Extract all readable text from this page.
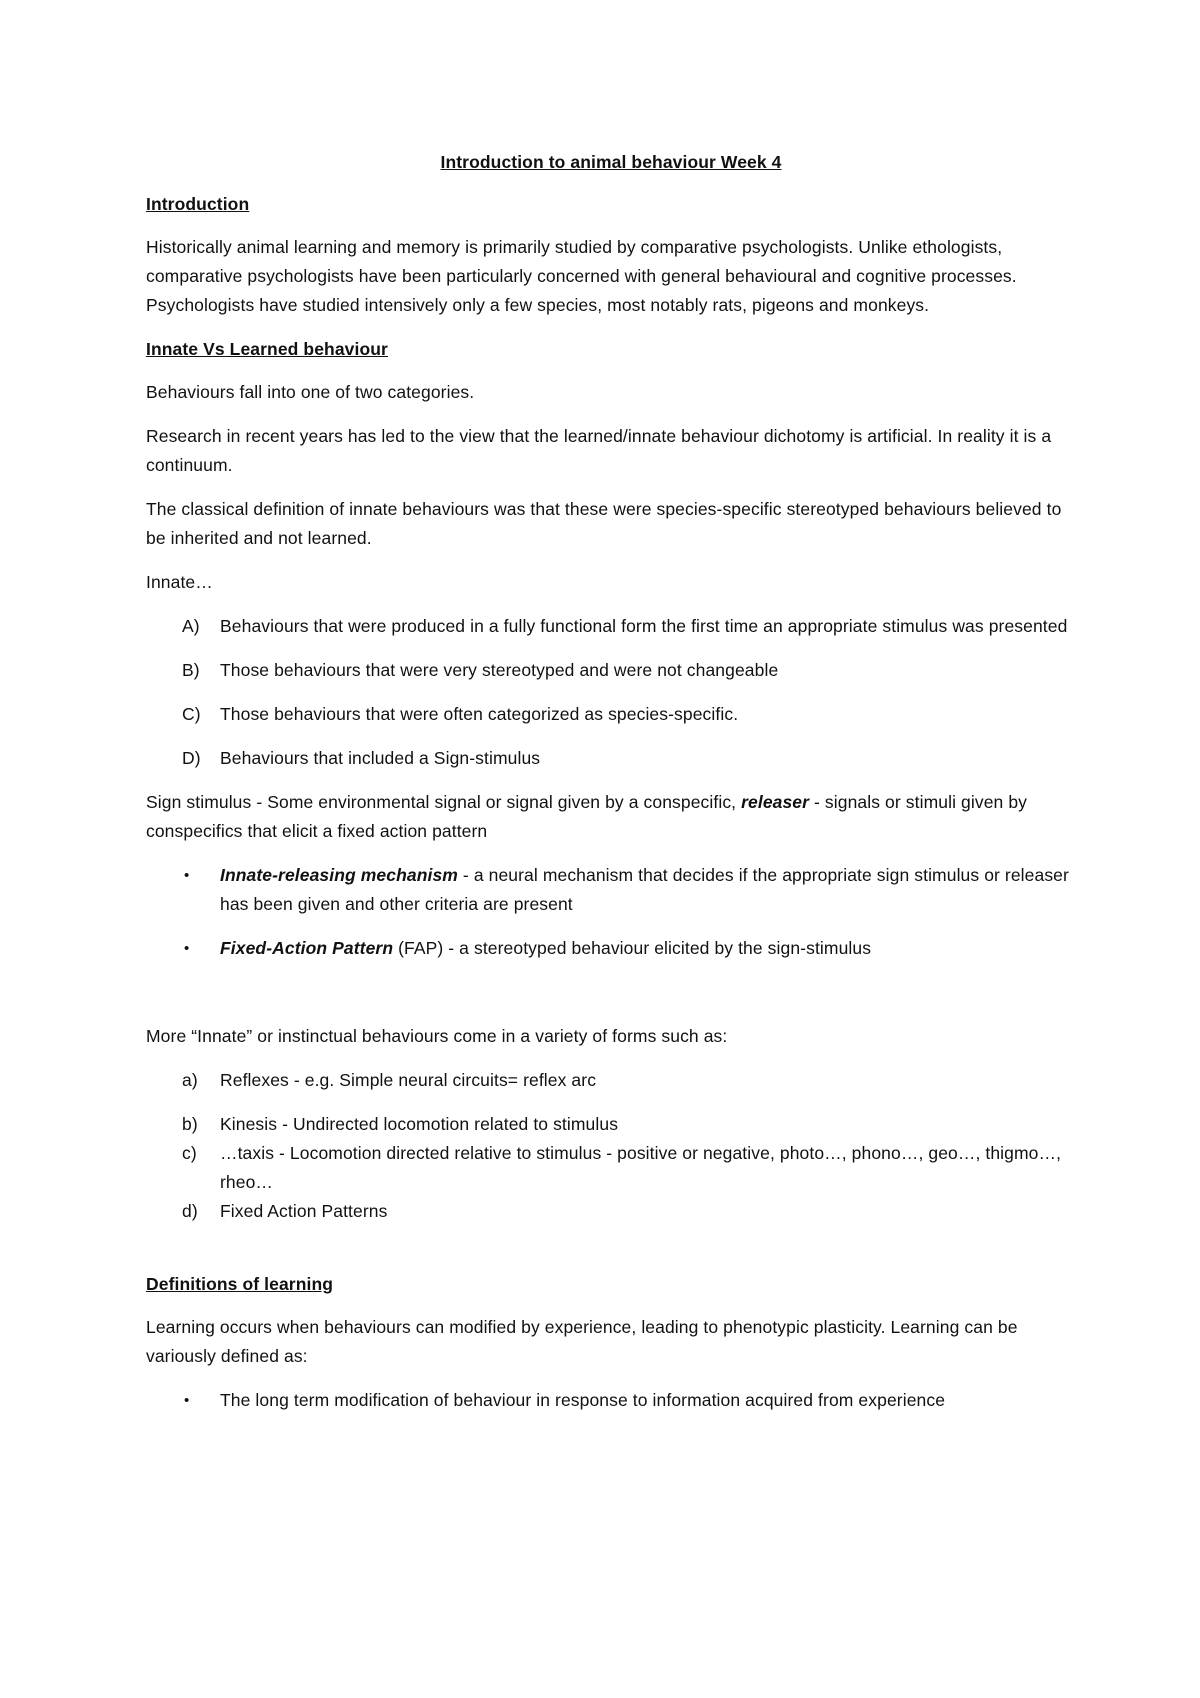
Introduction to animal behaviour Week 4
Introduction

Historically animal learning and memory is primarily studied by comparative psychologists. Unlike ethologists, comparative psychologists have been particularly concerned with general behavioural and cognitive processes. Psychologists have studied intensively only a few species, most notably rats, pigeons and monkeys.

Innate Vs Learned behaviour

Behaviours fall into one of two categories.

Research in recent years has led to the view that the learned/innate behaviour dichotomy is artificial. In reality it is a continuum.

The classical definition of innate behaviours was that these were species-specific stereotyped behaviours believed to be inherited and not learned.

Innate…

A) Behaviours that were produced in a fully functional form the first time an appropriate stimulus was presented
B) Those behaviours that were very stereotyped and were not changeable
C) Those behaviours that were often categorized as species-specific.
D) Behaviours that included a Sign-stimulus

Sign stimulus - Some environmental signal or signal given by a conspecific, releaser - signals or stimuli given by conspecifics that elicit a fixed action pattern

• Innate-releasing mechanism - a neural mechanism that decides if the appropriate sign stimulus or releaser has been given and other criteria are present
• Fixed-Action Pattern (FAP) - a stereotyped behaviour elicited by the sign-stimulus

More “Innate” or instinctual behaviours come in a variety of forms such as:

a) Reflexes - e.g. Simple neural circuits= reflex arc
b) Kinesis - Undirected locomotion related to stimulus
c) …taxis - Locomotion directed relative to stimulus - positive or negative, photo…, phono…, geo…, thigmo…, rheo…
d) Fixed Action Patterns
Definitions of learning

Learning occurs when behaviours can modified by experience, leading to phenotypic plasticity. Learning can be variously defined as:

• The long term modification of behaviour in response to information acquired from experience
